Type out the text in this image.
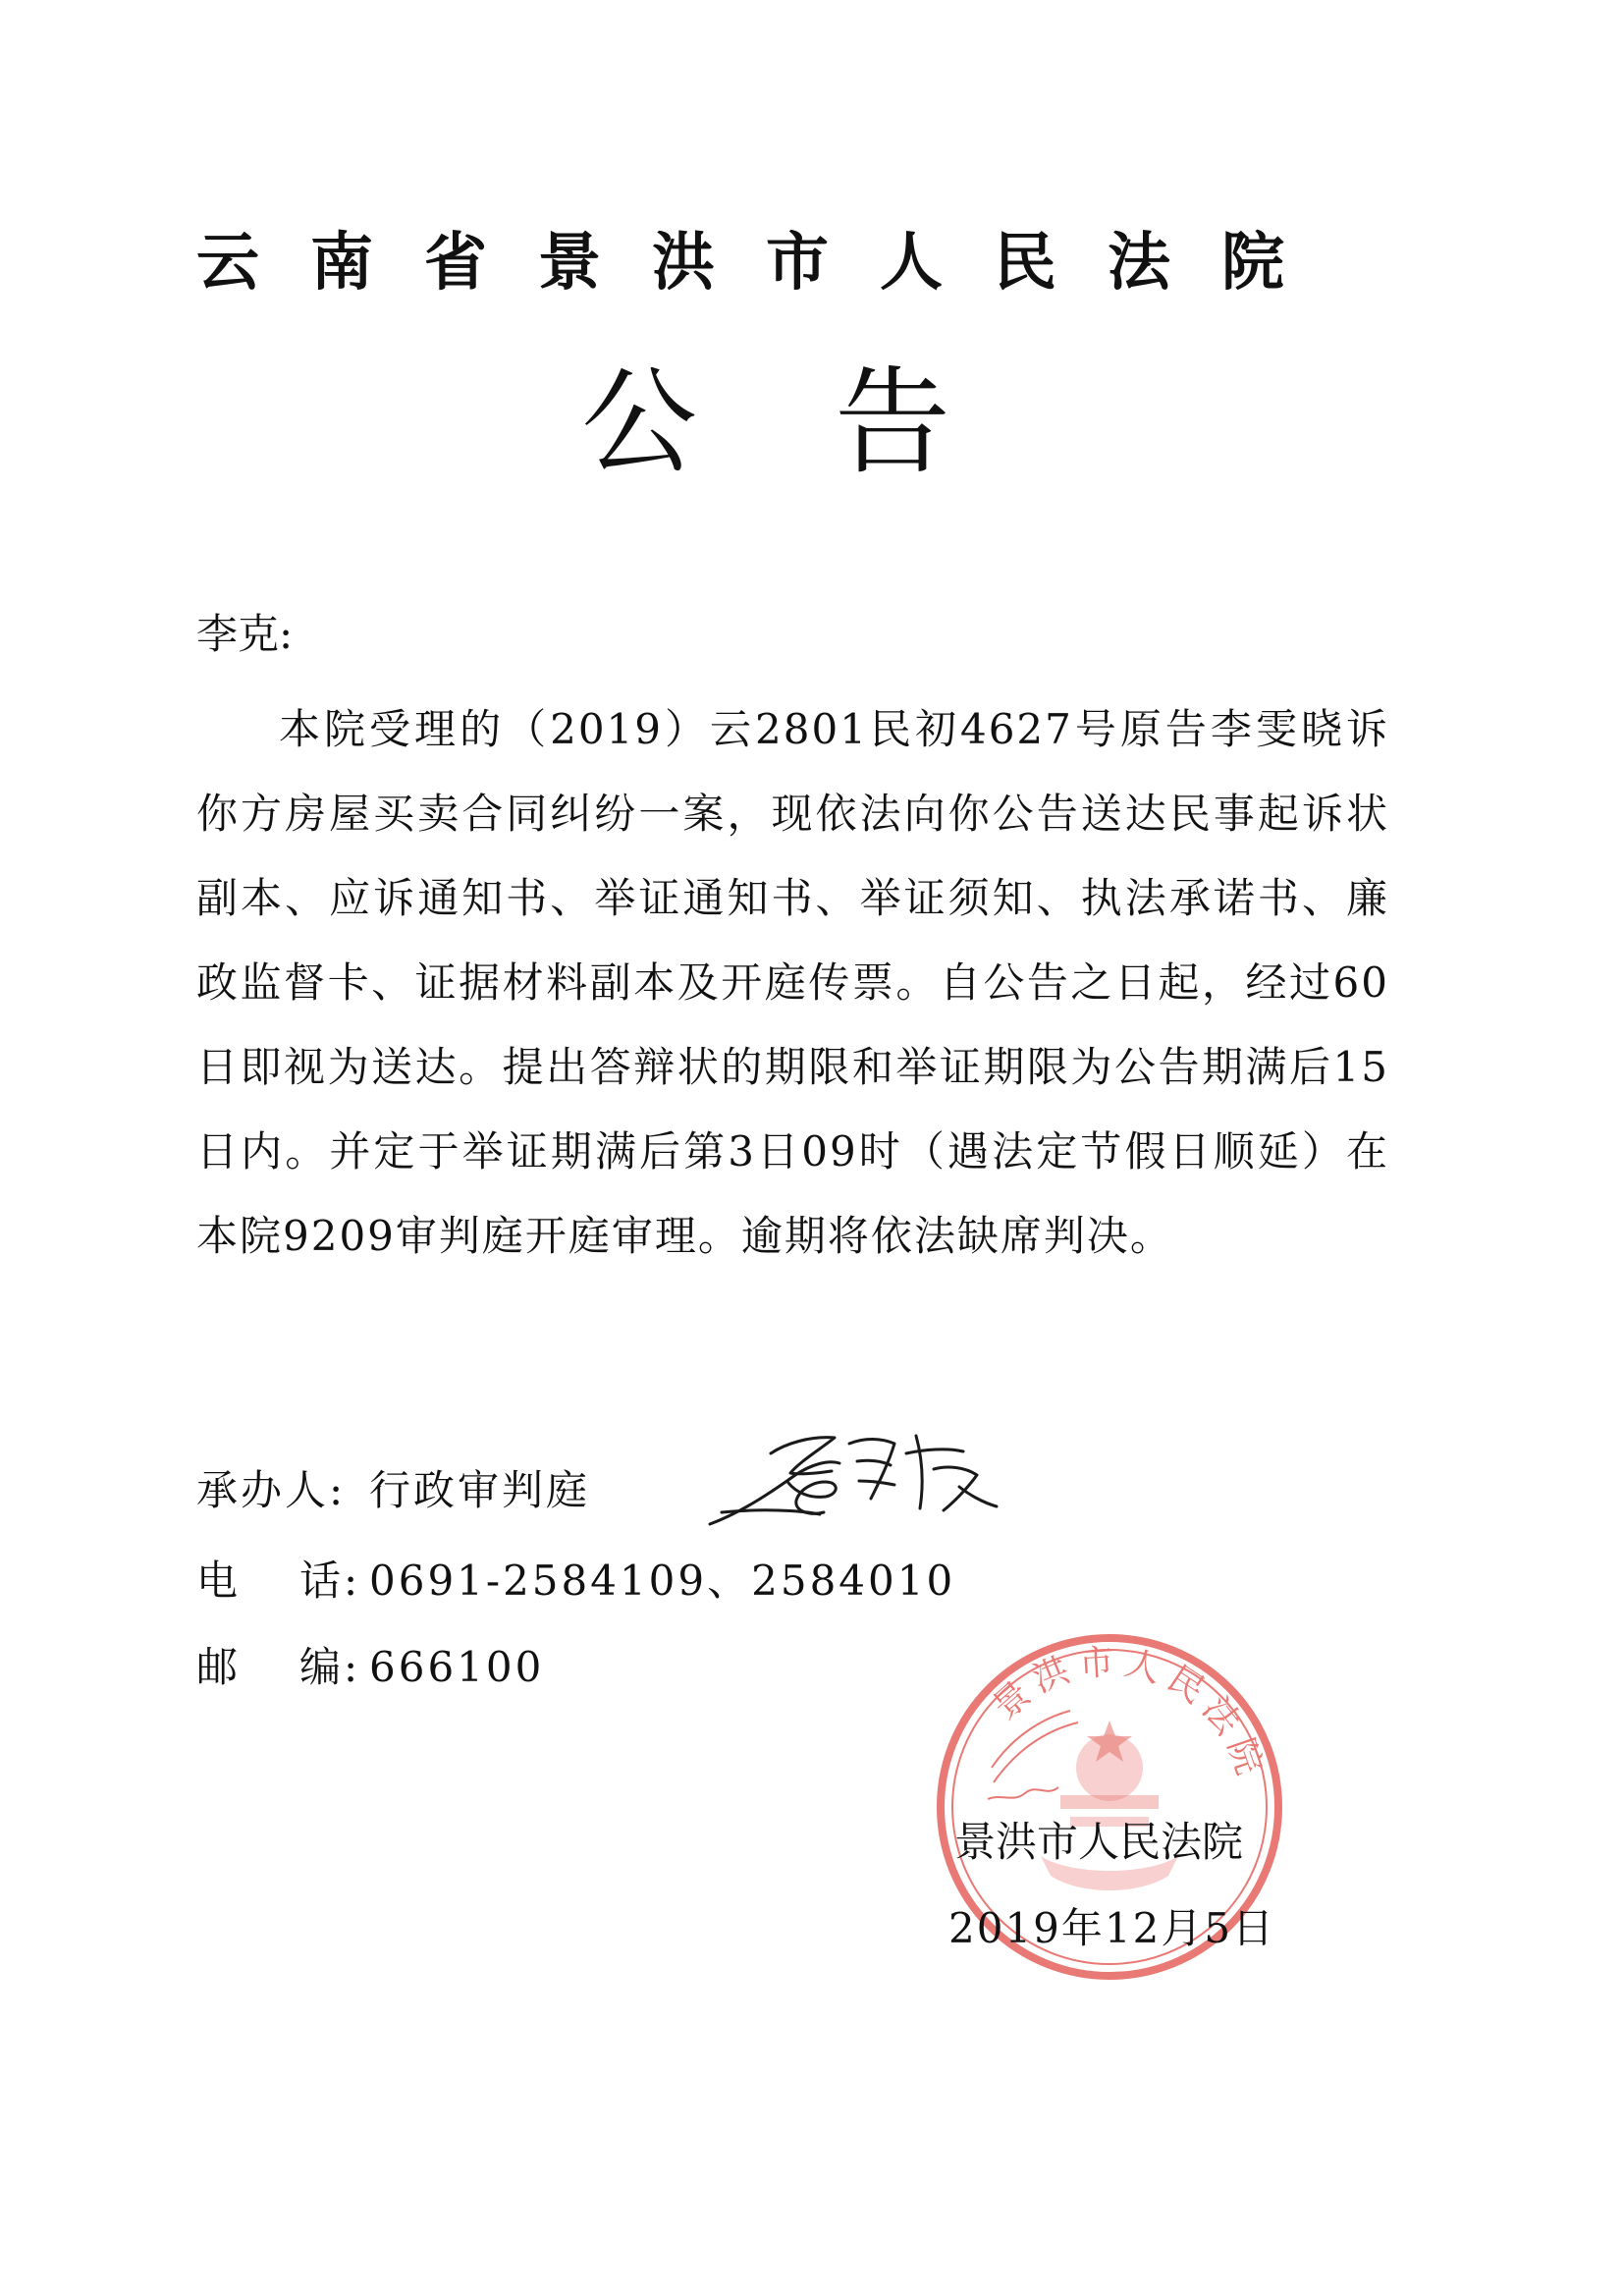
云南省景洪市人民法院
公告
李克:
本院受理的（2019）云2801民初4627号原告李雯晓诉你方房屋买卖合同纠纷一案，现依法向你公告送达民事起诉状副本、应诉通知书、举证通知书、举证须知、执法承诺书、廉政监督卡、证据材料副本及开庭传票。自公告之日起，经过60日即视为送达。提出答辩状的期限和举证期限为公告期满后15日内。并定于举证期满后第3日09时（遇法定节假日顺延）在本院9209审判庭开庭审理。逾期将依法缺席判决。
承办人: 行政审判庭
电 话: 0691-2584109、2584010
邮 编: 666100
景洪市人民法院
景洪市人民法院
2019年12月5日
